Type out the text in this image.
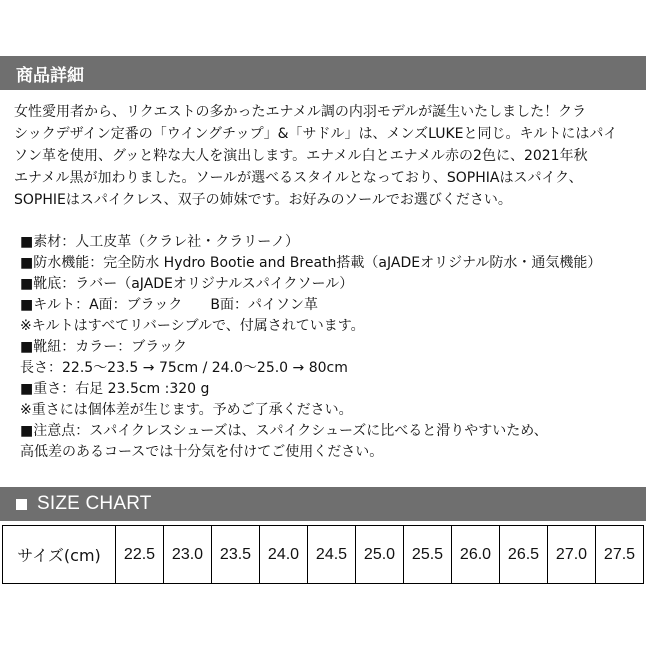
商品詳細

女性愛用者から、リクエストの多かったエナメル調の内羽モデルが誕生いたしました！クラ

シックデザイン定番の「ウイングチップ」&「サドル」は、メンズLUKEと同じ。キルトにはパイ

ソン革を使用、グッと粋な大人を演出します。エナメル白とエナメル赤の2色に、2021年秋

エナメル黒が加わりました。ソールが選べるスタイルとなっており、SOPHIAはスパイク、

SOPHIEはスパイクレス、双子の姉妹です。お好みのソールでお選びください。

■素材：人工皮革（クラレ社・クラリーノ）

■防水機能：完全防水 Hydro Bootie and Breath搭載（aJADEオリジナル防水・通気機能）

■靴底：ラバー（aJADEオリジナルスパイクソール）

■キルト：A面：ブラック　　B面：パイソン革

※キルトはすべてリバーシブルで、付属されています。

■靴紐：カラー：ブラック

長さ：22.5～23.5 → 75cm / 24.0～25.0 → 80cm

■重さ：右足 23.5cm :320 g

※重さには個体差が生じます。予めご了承ください。

■注意点：スパイクレスシューズは、スパイクシューズに比べると滑りやすいため、

高低差のあるコースでは十分気を付けてご使用ください。

SIZE CHART
サイズ(cm)	22.5	23.0	23.5	24.0	24.5	25.0	25.5	26.0	26.5	27.0	27.5
